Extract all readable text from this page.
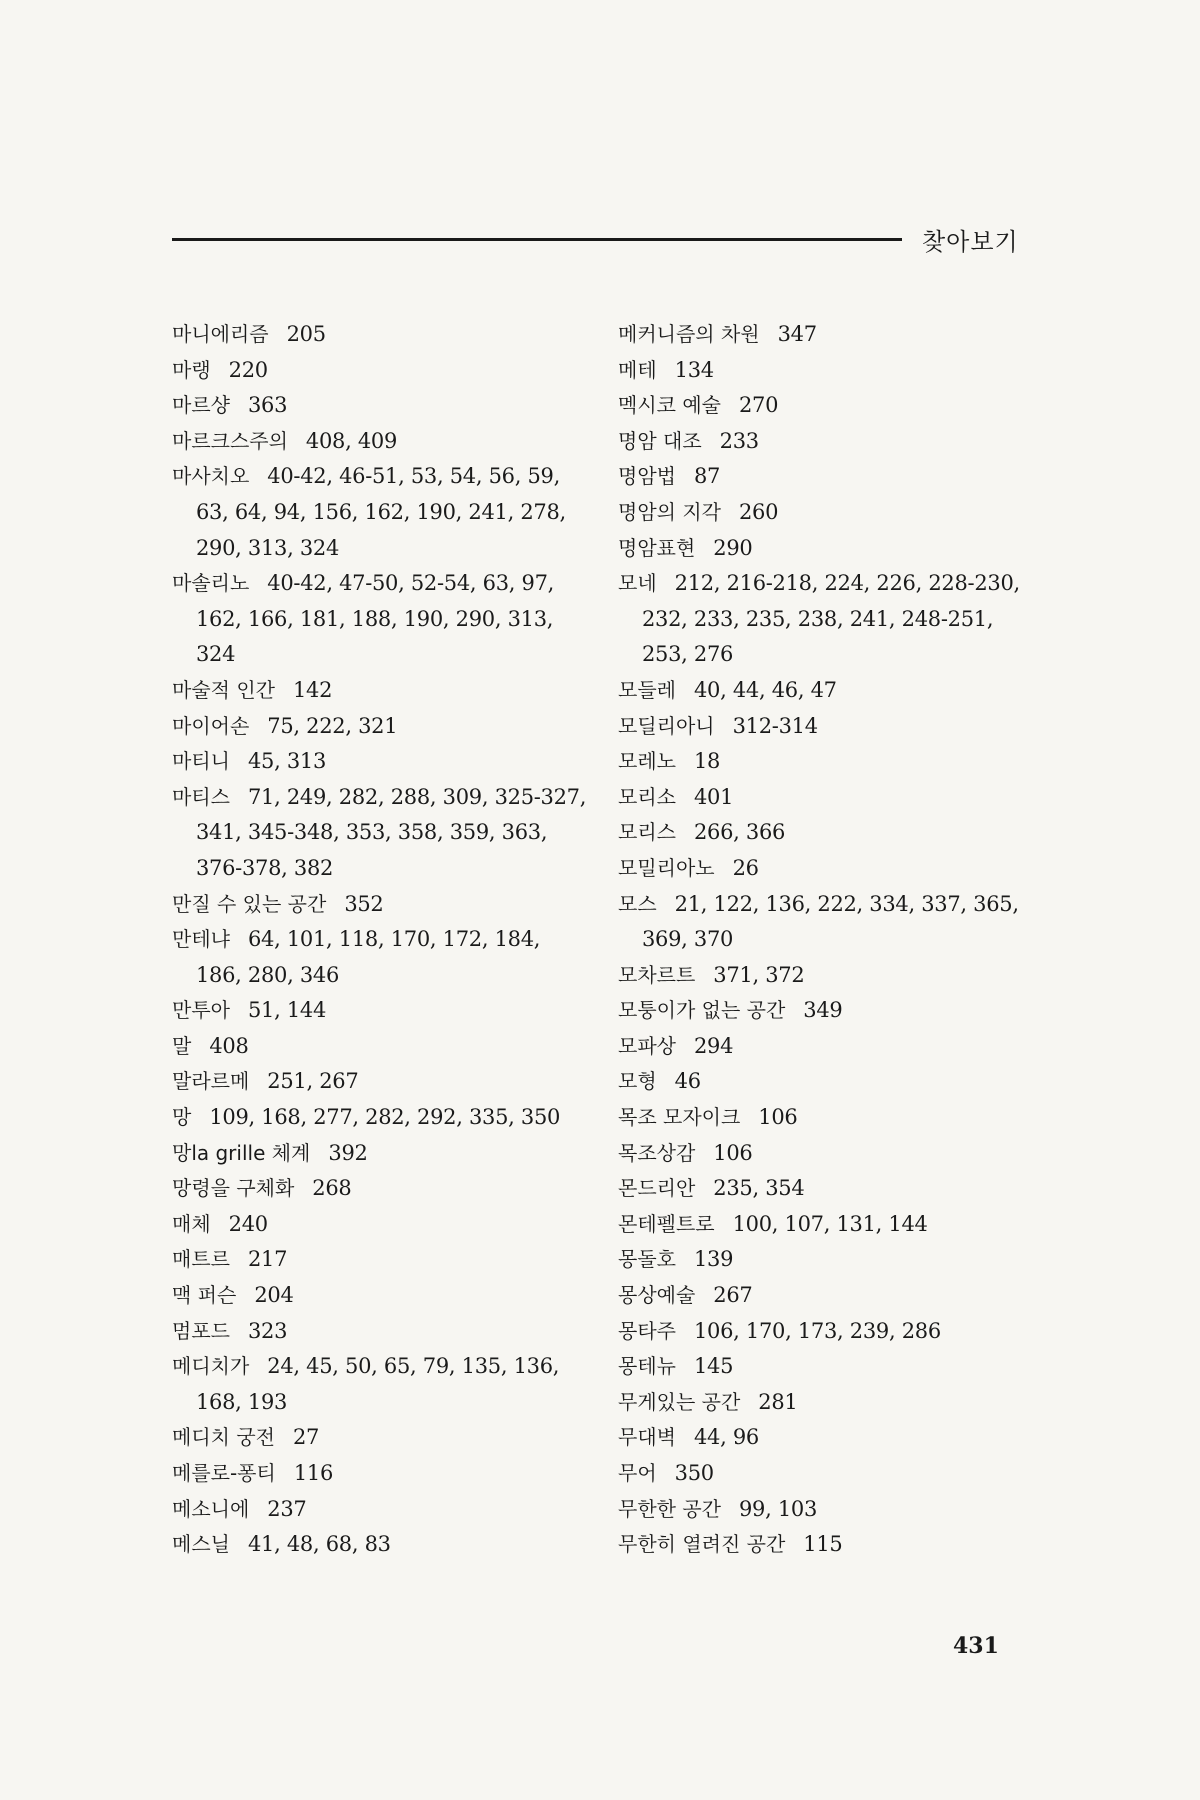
찾아보기
마니에리즘 205
마랭 220
마르샹 363
마르크스주의 408, 409
마사치오 40-42, 46-51, 53, 54, 56, 59, 63, 64, 94, 156, 162, 190, 241, 278, 290, 313, 324
마솔리노 40-42, 47-50, 52-54, 63, 97, 162, 166, 181, 188, 190, 290, 313, 324
마술적 인간 142
마이어손 75, 222, 321
마티니 45, 313
마티스 71, 249, 282, 288, 309, 325-327, 341, 345-348, 353, 358, 359, 363, 376-378, 382
만질 수 있는 공간 352
만테냐 64, 101, 118, 170, 172, 184, 186, 280, 346
만투아 51, 144
말 408
말라르메 251, 267
망 109, 168, 277, 282, 292, 335, 350
망la grille 체계 392
망령을 구체화 268
매체 240
매트르 217
맥 퍼슨 204
멈포드 323
메디치가 24, 45, 50, 65, 79, 135, 136, 168, 193
메디치 궁전 27
메를로-퐁티 116
메소니에 237
메스닐 41, 48, 68, 83
메커니즘의 차원 347
메테 134
멕시코 예술 270
명암 대조 233
명암법 87
명암의 지각 260
명암표현 290
모네 212, 216-218, 224, 226, 228-230, 232, 233, 235, 238, 241, 248-251, 253, 276
모들레 40, 44, 46, 47
모딜리아니 312-314
모레노 18
모리소 401
모리스 266, 366
모밀리아노 26
모스 21, 122, 136, 222, 334, 337, 365, 369, 370
모차르트 371, 372
모퉁이가 없는 공간 349
모파상 294
모형 46
목조 모자이크 106
목조상감 106
몬드리안 235, 354
몬테펠트로 100, 107, 131, 144
몽돌호 139
몽상예술 267
몽타주 106, 170, 173, 239, 286
몽테뉴 145
무게있는 공간 281
무대벽 44, 96
무어 350
무한한 공간 99, 103
무한히 열려진 공간 115
431
